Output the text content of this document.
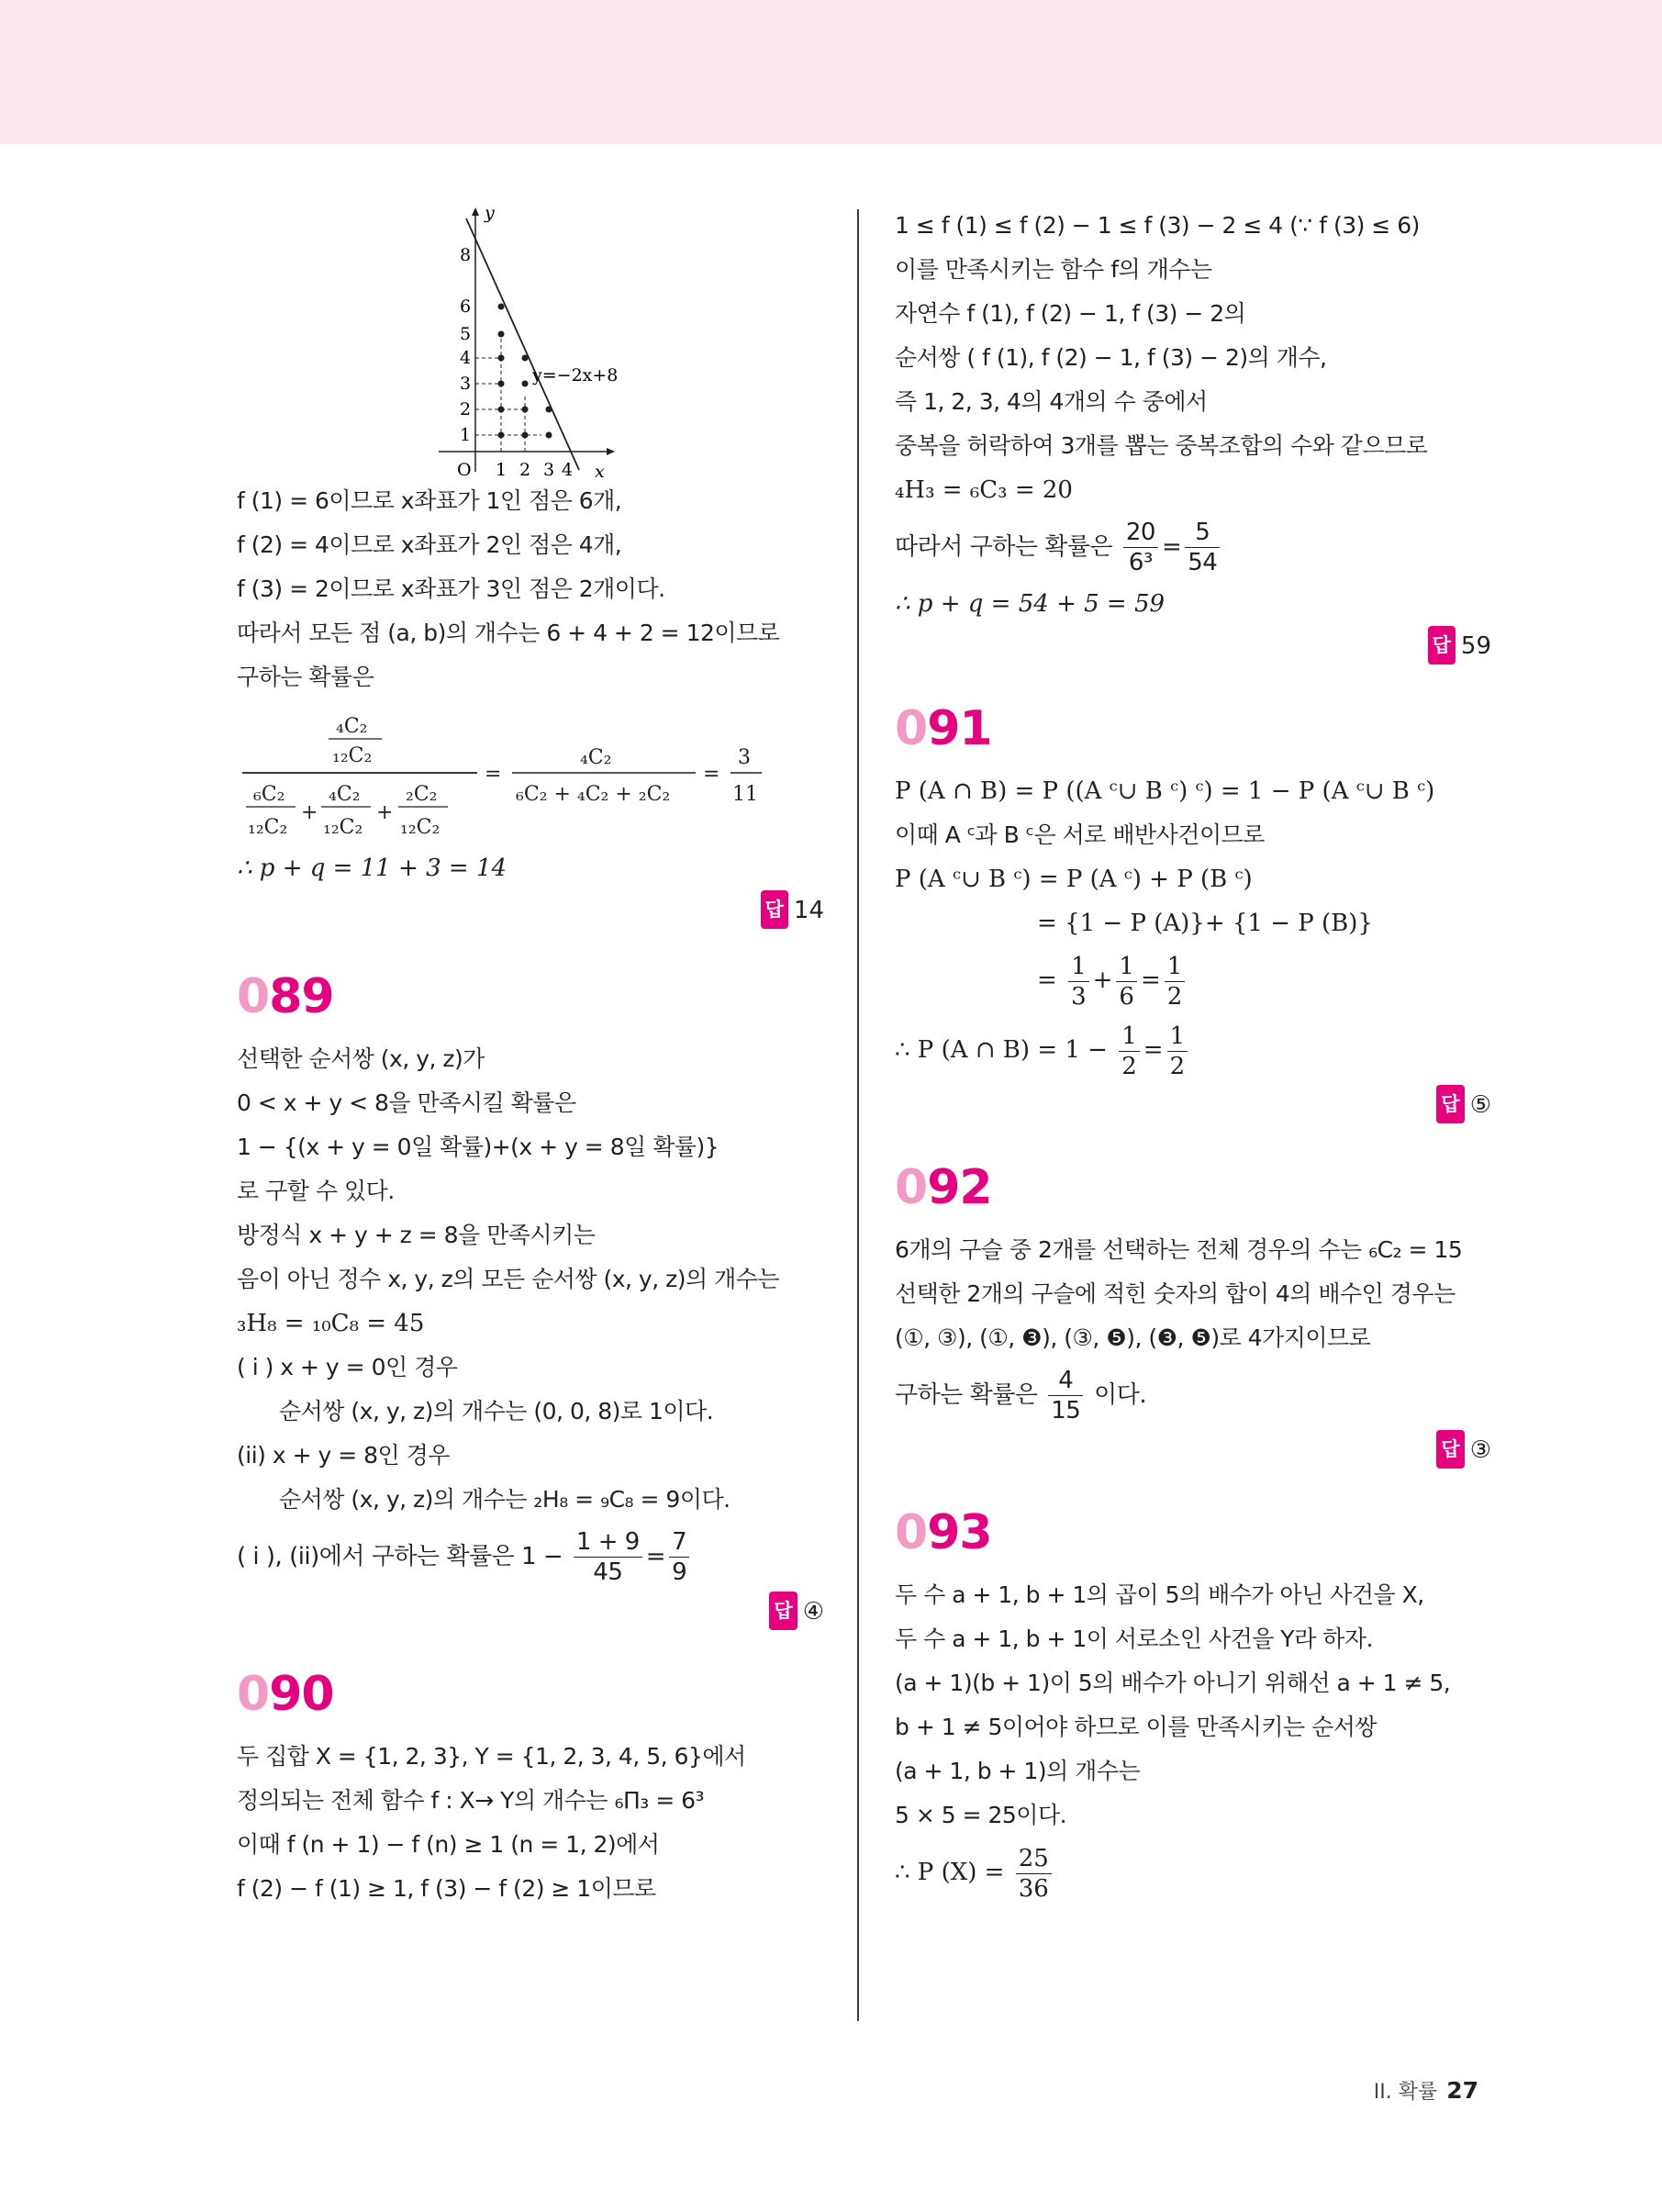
y
x
O
1
2
3
4
5
6
8
1 2 3 4
y=−2x+8
f (1) = 6이므로 x좌표가 1인 점은 6개,
f (2) = 4이므로 x좌표가 2인 점은 4개,
f (3) = 2이므로 x좌표가 3인 점은 2개이다.
따라서 모든 점 (a, b)의 개수는 6 + 4 + 2 = 12이므로
구하는 확률은
₄C₂
₁₂C₂
₆C₂
₁₂C₂
+
₄C₂
₁₂C₂
+
₂C₂
₁₂C₂
=
₄C₂
₆C₂ + ₄C₂ + ₂C₂
=
3
11
∴ p + q = 11 + 3 = 14
답 14
089
선택한 순서쌍 (x, y, z)가
0 < x + y < 8을 만족시킬 확률은
1 − {(x + y = 0일 확률)+(x + y = 8일 확률)}
로 구할 수 있다.
방정식 x + y + z = 8을 만족시키는
음이 아닌 정수 x, y, z의 모든 순서쌍 (x, y, z)의 개수는
₃H₈ = ₁₀C₈ = 45
( i ) x + y = 0인 경우
순서쌍 (x, y, z)의 개수는 (0, 0, 8)로 1이다.
(ii) x + y = 8인 경우
순서쌍 (x, y, z)의 개수는 ₂H₈ = ₉C₈ = 9이다.
( i ), (ii)에서 구하는 확률은 $1 - \frac{1 + 9}{45} = \frac{7}{9}$
답 ④
090
두 집합 X = {1, 2, 3}, Y = {1, 2, 3, 4, 5, 6}에서
정의되는 전체 함수 f : X→ Y의 개수는 ₆Π₃ = 6³
이때 f (n + 1) − f (n) ≥ 1 (n = 1, 2)에서
f (2) − f (1) ≥ 1, f (3) − f (2) ≥ 1이므로
1 ≤ f (1) ≤ f (2) − 1 ≤ f (3) − 2 ≤ 4 (∵ f (3) ≤ 6)
이를 만족시키는 함수 f의 개수는
자연수 f (1), f (2) − 1, f (3) − 2의
순서쌍 ( f (1), f (2) − 1, f (3) − 2)의 개수,
즉 1, 2, 3, 4의 4개의 수 중에서
중복을 허락하여 3개를 뽑는 중복조합의 수와 같으므로
₄H₃ = ₆C₃ = 20
따라서 구하는 확률은 $\frac{20}{\text{6³}} = \frac{5}{54}$
∴ p + q = 54 + 5 = 59
답 59
091
P (A ∩ B) = P ((A ᶜ∪ B ᶜ) ᶜ) = 1 − P (A ᶜ∪ B ᶜ)
이때 A ᶜ과 B ᶜ은 서로 배반사건이므로
P (A ᶜ∪ B ᶜ) = P (A ᶜ) + P (B ᶜ)
= {1 − P (A)}+ {1 − P (B)}
= $\frac{1}{3} + \frac{1}{6} = \frac{1}{2}$
∴ P (A ∩ $B) = 1 - \frac{1}{2} = \frac{1}{2}$
답 ⑤
092
6개의 구슬 중 2개를 선택하는 전체 경우의 수는 ₆C₂ = 15
선택한 2개의 구슬에 적힌 숫자의 합이 4의 배수인 경우는
(①, ③), (①, ❸), (③, ❺), (❸, ❺)로 4가지이므로
구하는 확률은 $\frac{4}{15}$ 이다.
답 ③
093
두 수 a + 1, b + 1의 곱이 5의 배수가 아닌 사건을 X,
두 수 a + 1, b + 1이 서로소인 사건을 Y라 하자.
(a + 1)(b + 1)이 5의 배수가 아니기 위해선 a + 1 ≠ 5,
b + 1 ≠ 5이어야 하므로 이를 만족시키는 순서쌍
(a + 1, b + 1)의 개수는
5 × 5 = 25이다.
∴ P $(X) = \frac{25}{36}$
II. 확률 27
